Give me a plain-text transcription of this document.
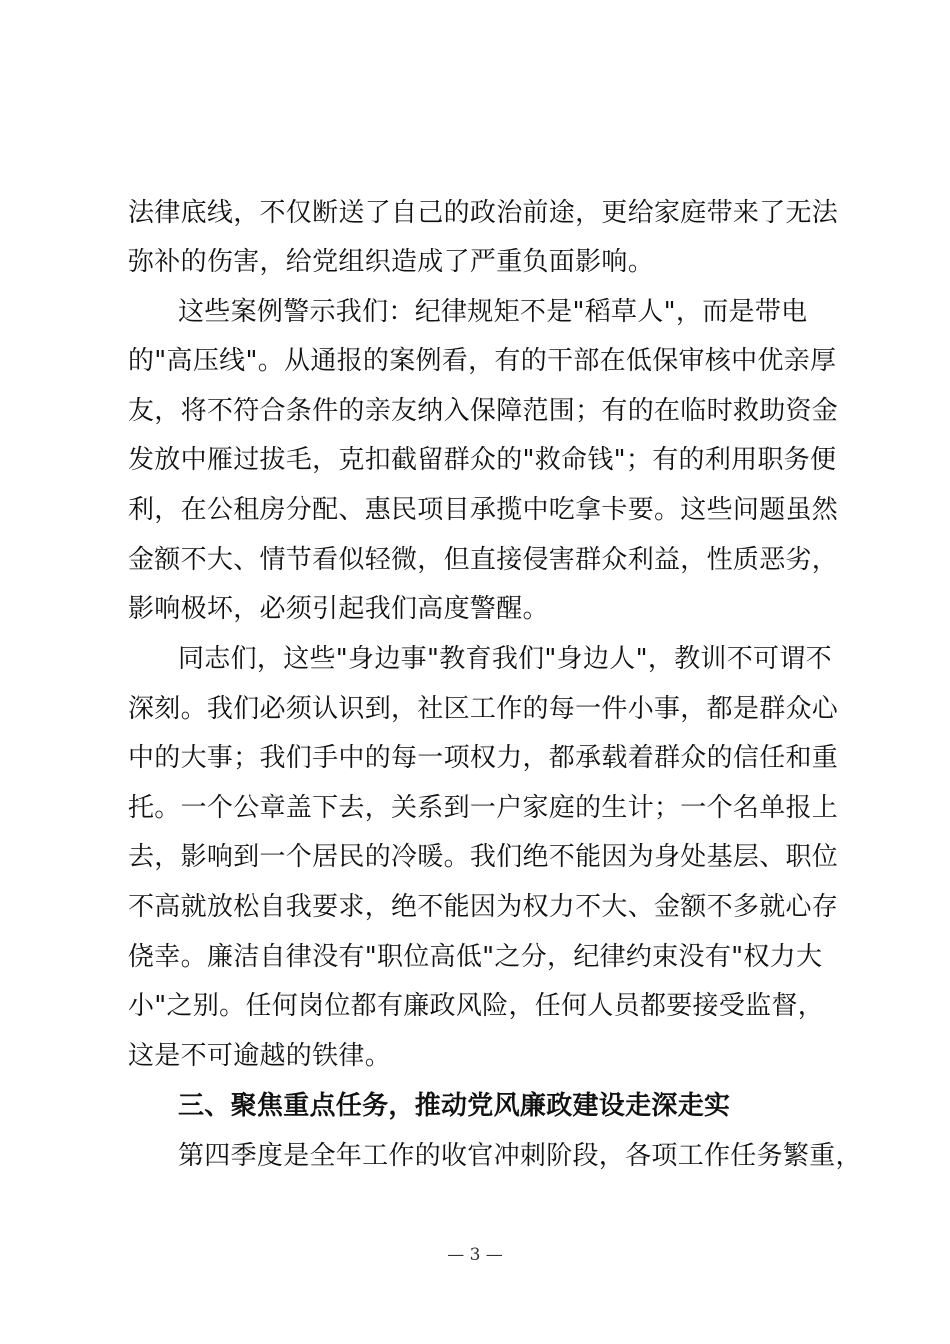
法律底线，不仅断送了自己的政治前途，更给家庭带来了无法
弥补的伤害，给党组织造成了严重负面影响。
这些案例警示我们：纪律规矩不是"稻草人"，而是带电
的"高压线"。从通报的案例看，有的干部在低保审核中优亲厚
友，将不符合条件的亲友纳入保障范围；有的在临时救助资金
发放中雁过拔毛，克扣截留群众的"救命钱"；有的利用职务便
利，在公租房分配、惠民项目承揽中吃拿卡要。这些问题虽然
金额不大、情节看似轻微，但直接侵害群众利益，性质恶劣，
影响极坏，必须引起我们高度警醒。
同志们，这些"身边事"教育我们"身边人"，教训不可谓不
深刻。我们必须认识到，社区工作的每一件小事，都是群众心
中的大事；我们手中的每一项权力，都承载着群众的信任和重
托。一个公章盖下去，关系到一户家庭的生计；一个名单报上
去，影响到一个居民的冷暖。我们绝不能因为身处基层、职位
不高就放松自我要求，绝不能因为权力不大、金额不多就心存
侥幸。廉洁自律没有"职位高低"之分，纪律约束没有"权力大
小"之别。任何岗位都有廉政风险，任何人员都要接受监督，
这是不可逾越的铁律。
三、聚焦重点任务，推动党风廉政建设走深走实
第四季度是全年工作的收官冲刺阶段，各项工作任务繁重，
— 3 —
